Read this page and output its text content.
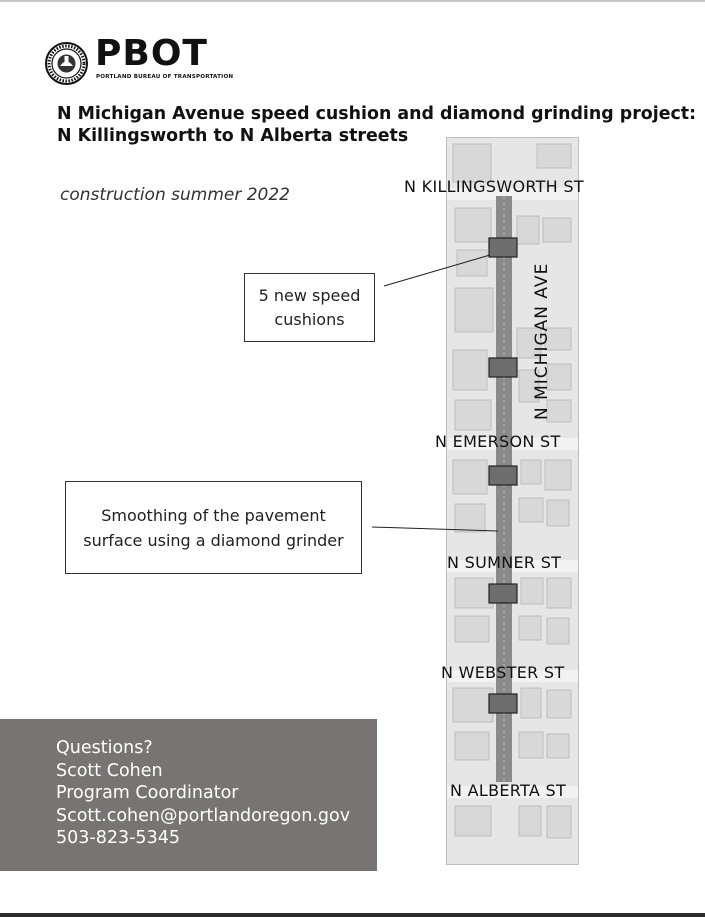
PBOT
PORTLAND BUREAU OF TRANSPORTATION
N Michigan Avenue speed cushion and diamond grinding project:
N Killingsworth to N Alberta streets
construction summer 2022	N KILLINGSWORTH ST
N EMERSON ST
N SUMNER ST
N WEBSTER ST
N ALBERTA ST
N MICHIGAN AVE
5 new speed
cushions
Smoothing of the pavement
surface using a diamond grinder
Questions?
Scott Cohen
Program Coordinator
Scott.cohen@portlandoregon.gov
503-823-5345
